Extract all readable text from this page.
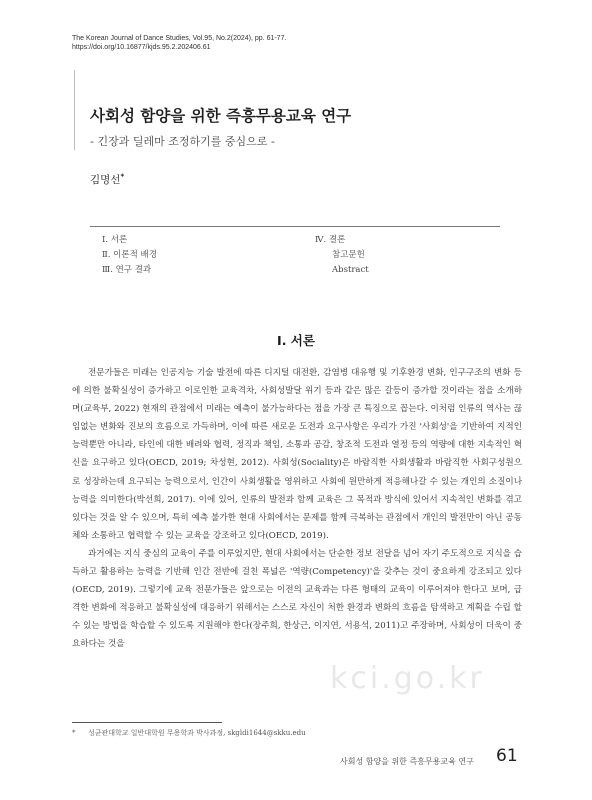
The Korean Journal of Dance Studies, Vol.95, No.2(2024), pp. 61-77.
https://doi.org/10.16877/kjds.95.2.202406.61
사회성 함양을 위한 즉흥무용교육 연구
- 긴장과 딜레마 조정하기를 중심으로 -
김명선*
Ⅰ. 서론
Ⅱ. 이론적 배경
Ⅲ. 연구 결과
Ⅳ. 결론
참고문헌
Abstract
Ⅰ. 서론

전문가들은 미래는 인공지능 기술 발전에 따른 디지털 대전환, 감염병 대유행 및 기후환경 변화, 인구구조의 변화 등에 의한 불확실성이 증가하고 이로인한 교육격차, 사회성발달 위기 등과 같은 많은 갈등이 증가할 것이라는 점을 소개하며(교육부, 2022) 현재의 관점에서 미래는 예측이 불가능하다는 점을 가장 큰 특징으로 꼽는다. 이처럼 인류의 역사는 끊임없는 변화와 진보의 흐름으로 가득하며, 이에 따른 새로운 도전과 요구사항은 우리가 가진 '사회성'을 기반하여 지적인 능력뿐만 아니라, 타인에 대한 배려와 협력, 정직과 책임, 소통과 공감, 창조적 도전과 열정 등의 역량에 대한 지속적인 혁신을 요구하고 있다(OECD, 2019; 차성현, 2012). 사회성(Sociality)은 바람직한 사회생활과 바람직한 사회구성원으로 성장하는데 요구되는 능력으로서, 인간이 사회생활을 영위하고 사회에 원만하게 적응해나갈 수 있는 개인의 소질이나 능력을 의미한다(박선희, 2017). 이에 있어, 인류의 발전과 함께 교육은 그 목적과 방식에 있어서 지속적인 변화를 겪고 있다는 것을 알 수 있으며, 특히 예측 불가한 현대 사회에서는 문제를 함께 극복하는 관점에서 개인의 발전만이 아닌 공동체와 소통하고 협력할 수 있는 교육을 강조하고 있다(OECD, 2019).

과거에는 지식 중심의 교육이 주를 이루었지만, 현대 사회에서는 단순한 정보 전달을 넘어 자기 주도적으로 지식을 습득하고 활용하는 능력을 기반해 인간 전반에 걸친 폭넓은 '역량(Competency)'을 갖추는 것이 중요하게 강조되고 있다(OECD, 2019). 그렇기에 교육 전문가들은 앞으로는 이전의 교육과는 다른 형태의 교육이 이루어져야 한다고 보며, 급격한 변화에 적응하고 불확실성에 대응하기 위해서는 스스로 자신이 처한 환경과 변화의 흐름을 탐색하고 계획을 수립 할 수 있는 방법을 학습할 수 있도록 지원해야 한다(장주희, 한상근, 이지연, 서용석, 2011)고 주장하며, 사회성이 더욱이 중요하다는 것을

kci.go.kr
* 성균관대학교 일반대학원 무용학과 박사과정, skgldi1644@skku.edu
사회성 함양을 위한 즉흥무용교육 연구 61
